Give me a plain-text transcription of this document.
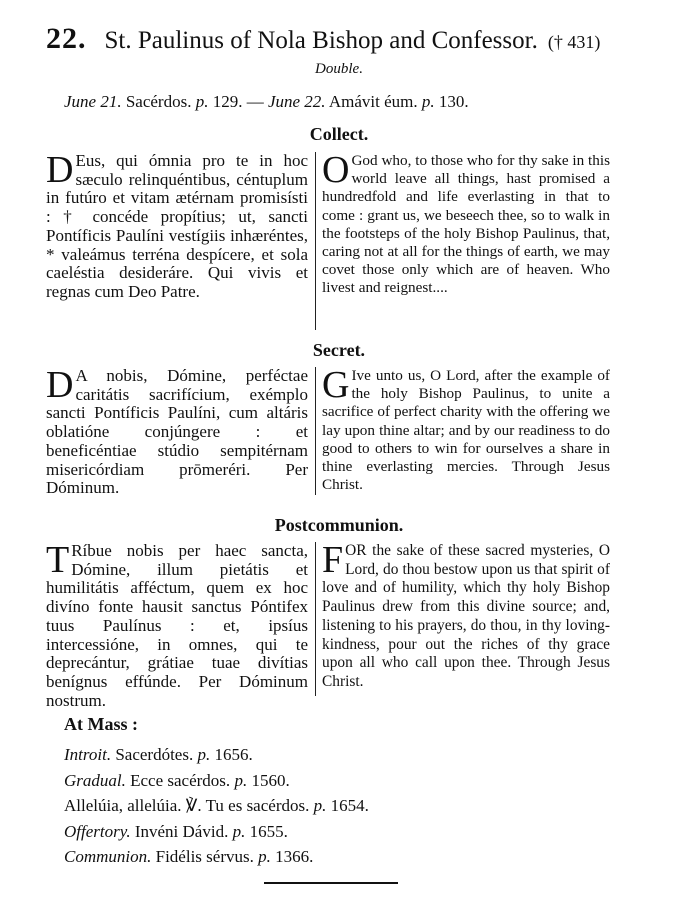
22. St. Paulinus of Nola Bishop and Confessor. († 431)
Double.
June 21. Sacérdos. p. 129. — June 22. Amávit éum. p. 130.
Collect.
D Eus, qui ómnia pro te in hoc sæculo relinquéntibus, céntuplum in futúro et vitam ætérnam promisísti : † concéde propítius; ut, sancti Pontíficis Paulíni vestígiis inhæréntes, * valeámus terréna despícere, et sola caeléstia desideráre. Qui vivis et regnas cum Deo Patre.
O God who, to those who for thy sake in this world leave all things, hast promised a hundredfold and life everlasting in that to come : grant us, we beseech thee, so to walk in the footsteps of the holy Bishop Paulinus, that, caring not at all for the things of earth, we may covet those only which are of heaven. Who livest and reignest....
Secret.
D A nobis, Dómine, perféctae caritátis sacrifícium, exémplo sancti Pontíficis Paulíni, cum altáris oblatióne conjúngere : et beneficéntiae stúdio sempitérnam misericórdiam prōmeréri. Per Dóminum.
G Ive unto us, O Lord, after the example of the holy Bishop Paulinus, to unite a sacrifice of perfect charity with the offering we lay upon thine altar; and by our readiness to do good to others to win for ourselves a share in thine everlasting mercies. Through Jesus Christ.
Postcommunion.
T Ríbue nobis per haec sancta, Dómine, illum pietátis et humilitátis afféctum, quem ex hoc divíno fonte hausit sanctus Póntifex tuus Paulínus : et, ipsíus intercessióne, in omnes, qui te deprecántur, grátiae tuae divítias benígnus effúnde. Per Dóminum nostrum.
FOR the sake of these sacred mysteries, O Lord, do thou bestow upon us that spirit of love and of humility, which thy holy Bishop Paulinus drew from this divine source; and, listening to his prayers, do thou, in thy loving-kindness, pour out the riches of thy grace upon all who call upon thee. Through Jesus Christ.
At Mass :
Introit. Sacerdótes. p. 1656.
Gradual. Ecce sacérdos. p. 1560.
Allelúia, allelúia. ℣. Tu es sacérdos. p. 1654.
Offertory. Invéni Dávid. p. 1655.
Communion. Fidélis sérvus. p. 1366.
